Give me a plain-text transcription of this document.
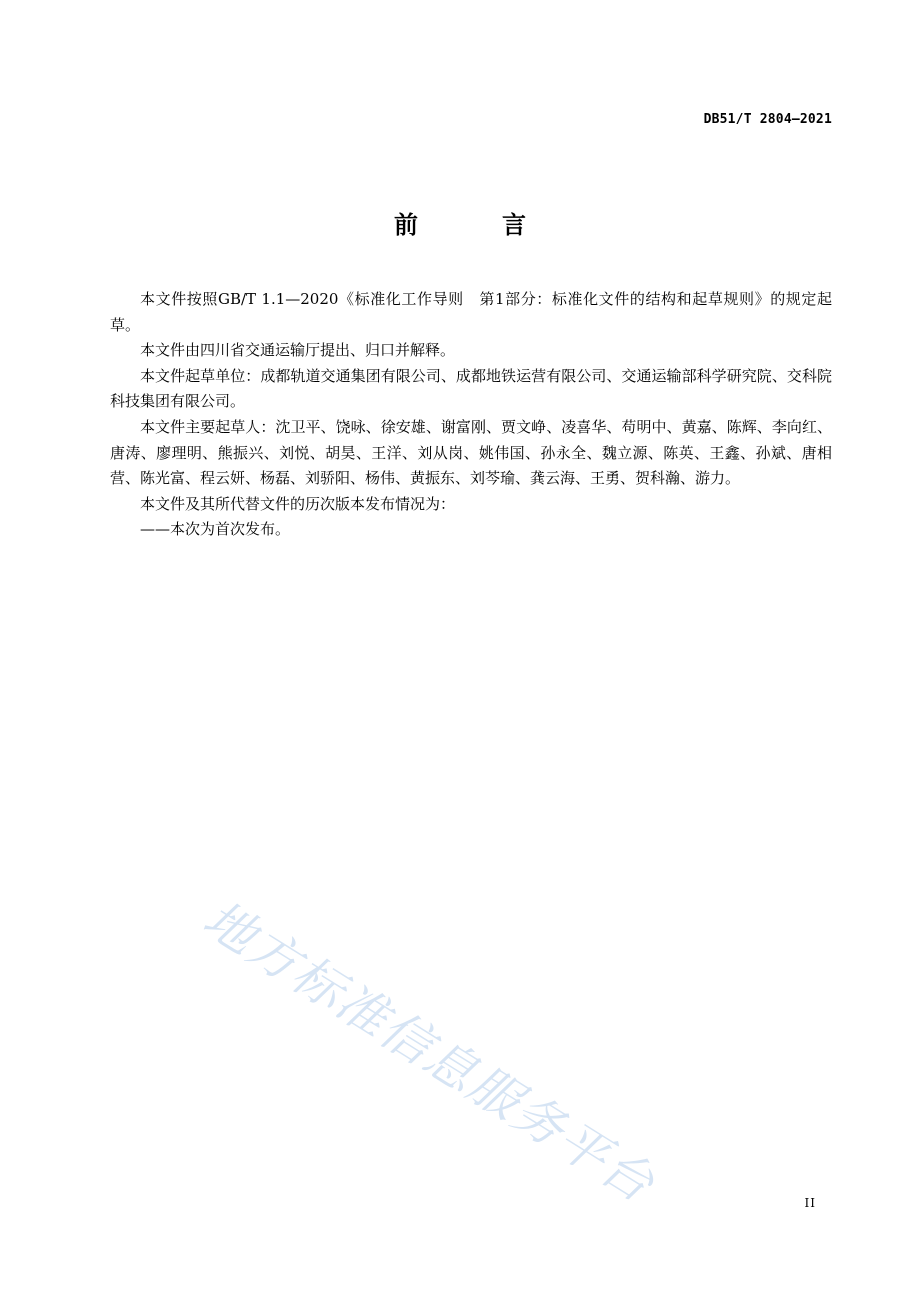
DB51/T 2804—2021
前　言

本文件按照GB/T 1.1—2020《标准化工作导则　第1部分：标准化文件的结构和起草规则》的规定起草。

本文件由四川省交通运输厅提出、归口并解释。

本文件起草单位：成都轨道交通集团有限公司、成都地铁运营有限公司、交通运输部科学研究院、交科院科技集团有限公司。

本文件主要起草人：沈卫平、饶咏、徐安雄、谢富刚、贾文峥、凌喜华、苟明中、黄嘉、陈辉、李向红、唐涛、廖理明、熊振兴、刘悦、胡昊、王洋、刘从岗、姚伟国、孙永全、魏立源、陈英、王鑫、孙斌、唐相营、陈光富、程云妍、杨磊、刘骄阳、杨伟、黄振东、刘芩瑜、龚云海、王勇、贺科瀚、游力。

本文件及其所代替文件的历次版本发布情况为：

——本次为首次发布。

地方标准信息服务平台	II
